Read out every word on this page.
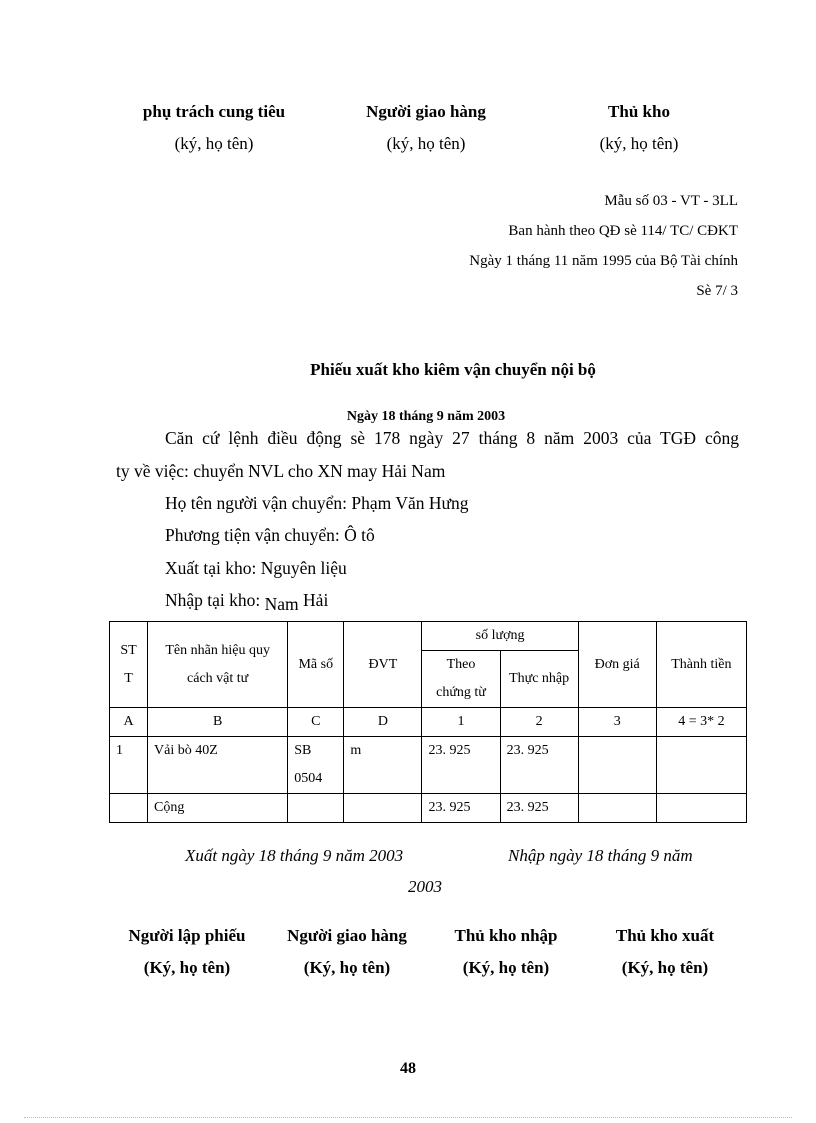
phụ trách cung tiêu
(ký, họ tên)
Người giao hàng
(ký, họ tên)
Thủ kho
(ký, họ tên)
Mẫu số 03 - VT - 3LL
Ban hành theo QĐ sè 114/ TC/ CĐKT
Ngày 1 tháng 11 năm 1995 của Bộ Tài chính
Sè 7/ 3
Phiếu xuất kho kiêm vận chuyển nội bộ
Ngày 18 tháng 9 năm 2003
Căn cứ lệnh điều động sè 178 ngày 27 tháng 8 năm 2003 của TGĐ công
ty về việc: chuyển NVL cho XN may Hải Nam
Họ tên người vận chuyển: Phạm Văn Hưng
Phương tiện vận chuyển: Ô tô
Xuất tại kho: Nguyên liệu
Nhập tại kho: Nam Hải
ST T	Tên nhãn hiệu quy cách vật tư	Mã số	ĐVT	số lượng		Đơn giá	Thành tiền
				Theo chứng từ	Thực nhập		
A	B	C	D	1	2	3	4 = 3* 2
1	Vải bò 40Z	SB 0504	m	23. 925	23. 925		
	Cộng			23. 925	23. 925		
Xuất ngày 18 tháng 9 năm 2003	Nhập ngày 18 tháng 9 năm
2003
Người lập phiếu
(Ký, họ tên)
Người giao hàng
(Ký, họ tên)
Thủ kho nhập
(Ký, họ tên)
Thủ kho xuất
(Ký, họ tên)
48
